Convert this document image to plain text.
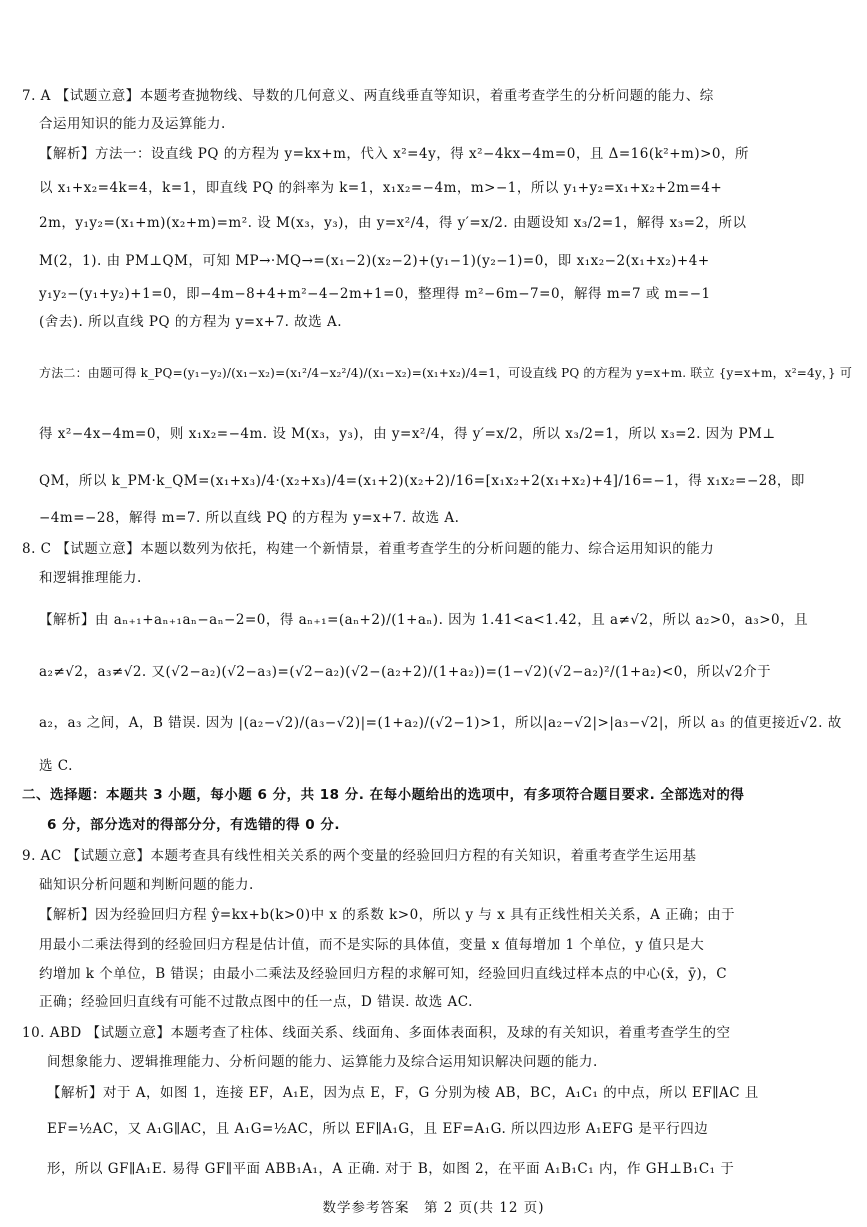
7. A 【试题立意】本题考查抛物线、导数的几何意义、两直线垂直等知识，着重考查学生的分析问题的能力、综
合运用知识的能力及运算能力.
【解析】方法一：设直线 PQ 的方程为 y=kx+m，代入 x²=4y，得 x²−4kx−4m=0，且 Δ=16(k²+m)>0，所
以 x₁+x₂=4k=4，k=1，即直线 PQ 的斜率为 k=1，x₁x₂=−4m，m>−1，所以 y₁+y₂=x₁+x₂+2m=4+
2m，y₁y₂=(x₁+m)(x₂+m)=m². 设 M(x₃，y₃)，由 y=x²/4，得 y′=x/2. 由题设知 x₃/2=1，解得 x₃=2，所以
M(2，1). 由 PM⊥QM，可知 MP→·MQ→=(x₁−2)(x₂−2)+(y₁−1)(y₂−1)=0，即 x₁x₂−2(x₁+x₂)+4+
y₁y₂−(y₁+y₂)+1=0，即−4m−8+4+m²−4−2m+1=0，整理得 m²−6m−7=0，解得 m=7 或 m=−1
(舍去). 所以直线 PQ 的方程为 y=x+7. 故选 A.
方法二：由题可得 k_PQ=(y₁−y₂)/(x₁−x₂)=(x₁²/4−x₂²/4)/(x₁−x₂)=(x₁+x₂)/4=1，可设直线 PQ 的方程为 y=x+m. 联立 {y=x+m，x²=4y，} 可
得 x²−4x−4m=0，则 x₁x₂=−4m. 设 M(x₃，y₃)，由 y=x²/4，得 y′=x/2，所以 x₃/2=1，所以 x₃=2. 因为 PM⊥
QM，所以 k_PM·k_QM=(x₁+x₃)/4·(x₂+x₃)/4=(x₁+2)(x₂+2)/16=[x₁x₂+2(x₁+x₂)+4]/16=−1，得 x₁x₂=−28，即
−4m=−28，解得 m=7. 所以直线 PQ 的方程为 y=x+7. 故选 A.
8. C 【试题立意】本题以数列为依托，构建一个新情景，着重考查学生的分析问题的能力、综合运用知识的能力
和逻辑推理能力.
【解析】由 aₙ₊₁+aₙ₊₁aₙ−aₙ−2=0，得 aₙ₊₁=(aₙ+2)/(1+aₙ). 因为 1.41<a<1.42，且 a≠√2，所以 a₂>0，a₃>0，且
a₂≠√2，a₃≠√2. 又(√2−a₂)(√2−a₃)=(√2−a₂)(√2−(a₂+2)/(1+a₂))=(1−√2)(√2−a₂)²/(1+a₂)<0，所以√2介于
a₂，a₃ 之间，A，B 错误. 因为 |(a₂−√2)/(a₃−√2)|=(1+a₂)/(√2−1)>1，所以|a₂−√2|>|a₃−√2|，所以 a₃ 的值更接近√2. 故
选 C.
二、选择题：本题共 3 小题，每小题 6 分，共 18 分. 在每小题给出的选项中，有多项符合题目要求. 全部选对的得
6 分，部分选对的得部分分，有选错的得 0 分.
9. AC 【试题立意】本题考查具有线性相关关系的两个变量的经验回归方程的有关知识，着重考查学生运用基
础知识分析问题和判断问题的能力.
【解析】因为经验回归方程 ŷ=kx+b(k>0)中 x 的系数 k>0，所以 y 与 x 具有正线性相关关系，A 正确；由于
用最小二乘法得到的经验回归方程是估计值，而不是实际的具体值，变量 x 值每增加 1 个单位，y 值只是大
约增加 k 个单位，B 错误；由最小二乘法及经验回归方程的求解可知，经验回归直线过样本点的中心(x̄，ȳ)，C
正确；经验回归直线有可能不过散点图中的任一点，D 错误. 故选 AC.
10. ABD 【试题立意】本题考查了柱体、线面关系、线面角、多面体表面积，及球的有关知识，着重考查学生的空
间想象能力、逻辑推理能力、分析问题的能力、运算能力及综合运用知识解决问题的能力.
【解析】对于 A，如图 1，连接 EF，A₁E，因为点 E，F，G 分别为棱 AB，BC，A₁C₁ 的中点，所以 EF∥AC 且
EF=½AC，又 A₁G∥AC，且 A₁G=½AC，所以 EF∥A₁G，且 EF=A₁G. 所以四边形 A₁EFG 是平行四边
形，所以 GF∥A₁E. 易得 GF∥平面 ABB₁A₁，A 正确. 对于 B，如图 2，在平面 A₁B₁C₁ 内，作 GH⊥B₁C₁ 于
数学参考答案　第 2 页(共 12 页)
